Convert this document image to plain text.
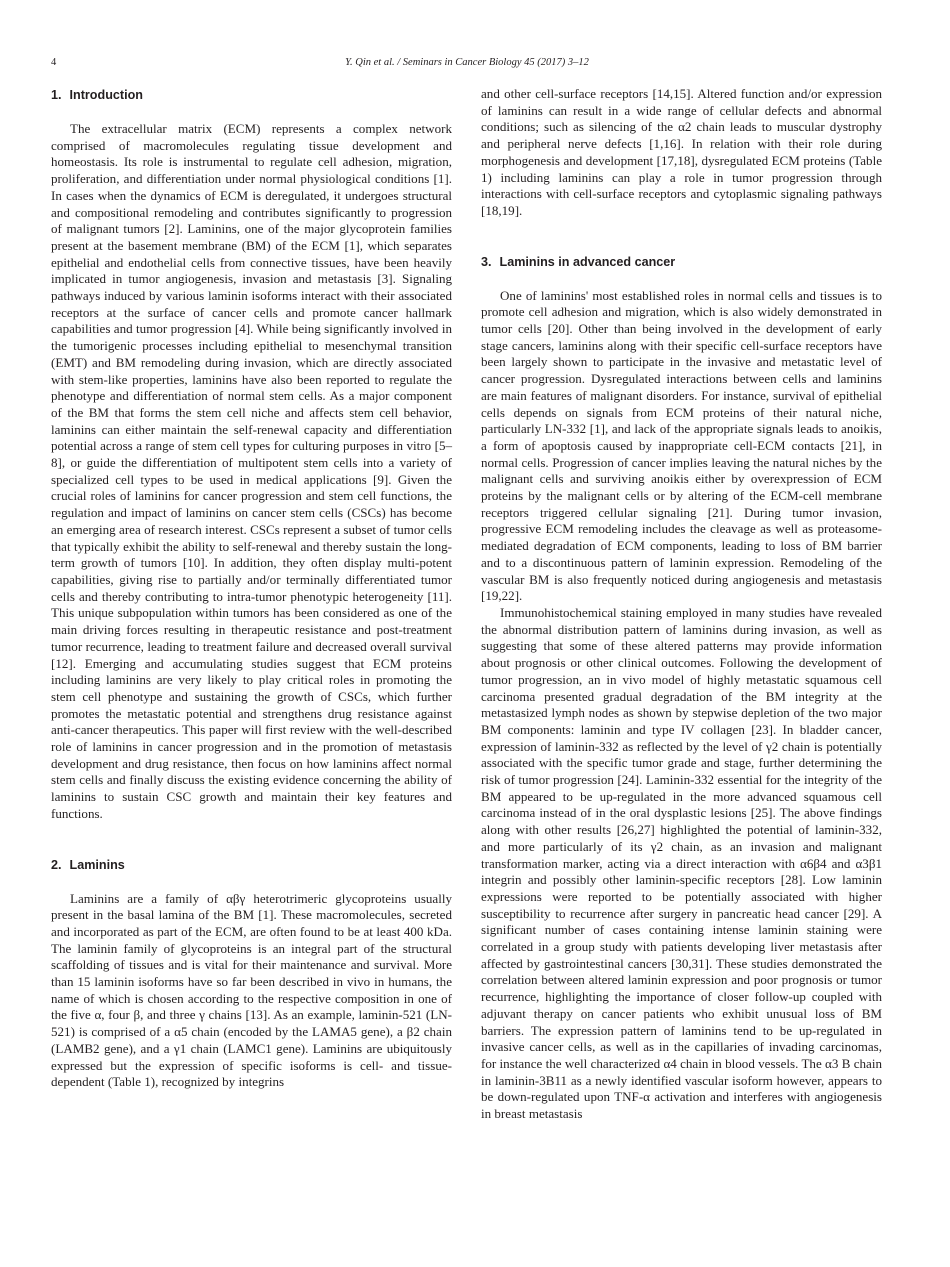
4	Y. Qin et al. / Seminars in Cancer Biology 45 (2017) 3–12
1. Introduction

The extracellular matrix (ECM) represents a complex network comprised of macromolecules regulating tissue development and homeostasis. Its role is instrumental to regulate cell adhesion, migration, proliferation, and differentiation under normal physiological conditions [1]. In cases when the dynamics of ECM is deregulated, it undergoes structural and compositional remodeling and contributes significantly to progression of malignant tumors [2]. Laminins, one of the major glycoprotein families present at the basement membrane (BM) of the ECM [1], which separates epithelial and endothelial cells from connective tissues, have been heavily implicated in tumor angiogenesis, invasion and metastasis [3]. Signaling pathways induced by various laminin isoforms interact with their associated receptors at the surface of cancer cells and promote cancer hallmark capabilities and tumor progression [4]. While being significantly involved in the tumorigenic processes including epithelial to mesenchymal transition (EMT) and BM remodeling during invasion, which are directly associated with stem-like properties, laminins have also been reported to regulate the phenotype and differentiation of normal stem cells. As a major component of the BM that forms the stem cell niche and affects stem cell behavior, laminins can either maintain the self-renewal capacity and differentiation potential across a range of stem cell types for culturing purposes in vitro [5–8], or guide the differentiation of multipotent stem cells into a variety of specialized cell types to be used in medical applications [9]. Given the crucial roles of laminins for cancer progression and stem cell functions, the regulation and impact of laminins on cancer stem cells (CSCs) has become an emerging area of research interest. CSCs represent a subset of tumor cells that typically exhibit the ability to self-renewal and thereby sustain the long-term growth of tumors [10]. In addition, they often display multi-potent capabilities, giving rise to partially and/or terminally differentiated tumor cells and thereby contributing to intra-tumor phenotypic heterogeneity [11]. This unique subpopulation within tumors has been considered as one of the main driving forces resulting in therapeutic resistance and post-treatment tumor recurrence, leading to treatment failure and decreased overall survival [12]. Emerging and accumulating studies suggest that ECM proteins including laminins are very likely to play critical roles in promoting the stem cell phenotype and sustaining the growth of CSCs, which further promotes the metastatic potential and strengthens drug resistance against anti-cancer therapeutics. This paper will first review with the well-described role of laminins in cancer progression and in the promotion of metastasis development and drug resistance, then focus on how laminins affect normal stem cells and finally discuss the existing evidence concerning the ability of laminins to sustain CSC growth and maintain their key features and functions.

2. Laminins

Laminins are a family of αβγ heterotrimeric glycoproteins usually present in the basal lamina of the BM [1]. These macromolecules, secreted and incorporated as part of the ECM, are often found to be at least 400 kDa. The laminin family of glycoproteins is an integral part of the structural scaffolding of tissues and is vital for their maintenance and survival. More than 15 laminin isoforms have so far been described in vivo in humans, the name of which is chosen according to the respective composition in one of the five α, four β, and three γ chains [13]. As an example, laminin-521 (LN-521) is comprised of a α5 chain (encoded by the LAMA5 gene), a β2 chain (LAMB2 gene), and a γ1 chain (LAMC1 gene). Laminins are ubiquitously expressed but the expression of specific isoforms is cell- and tissue-dependent (Table 1), recognized by integrins

and other cell-surface receptors [14,15]. Altered function and/or expression of laminins can result in a wide range of cellular defects and abnormal conditions; such as silencing of the α2 chain leads to muscular dystrophy and peripheral nerve defects [1,16]. In relation with their role during morphogenesis and development [17,18], dysregulated ECM proteins (Table 1) including laminins can play a role in tumor progression through interactions with cell-surface receptors and cytoplasmic signaling pathways [18,19].

3. Laminins in advanced cancer

One of laminins' most established roles in normal cells and tissues is to promote cell adhesion and migration, which is also widely demonstrated in tumor cells [20]. Other than being involved in the development of early stage cancers, laminins along with their specific cell-surface receptors have been largely shown to participate in the invasive and metastatic level of cancer progression. Dysregulated interactions between cells and laminins are main features of malignant disorders. For instance, survival of epithelial cells depends on signals from ECM proteins of their natural niche, particularly LN-332 [1], and lack of the appropriate signals leads to anoikis, a form of apoptosis caused by inappropriate cell-ECM contacts [21], in normal cells. Progression of cancer implies leaving the natural niches by the malignant cells and surviving anoikis either by overexpression of ECM proteins by the malignant cells or by altering of the ECM-cell membrane receptors triggered cellular signaling [21]. During tumor invasion, progressive ECM remodeling includes the cleavage as well as proteasome-mediated degradation of ECM components, leading to loss of BM barrier and to a discontinuous pattern of laminin expression. Remodeling of the vascular BM is also frequently noticed during angiogenesis and metastasis [19,22].

Immunohistochemical staining employed in many studies have revealed the abnormal distribution pattern of laminins during invasion, as well as suggesting that some of these altered patterns may provide information about prognosis or other clinical outcomes. Following the development of tumor progression, an in vivo model of highly metastatic squamous cell carcinoma presented gradual degradation of the BM integrity at the metastasized lymph nodes as shown by stepwise depletion of the two major BM components: laminin and type IV collagen [23]. In bladder cancer, expression of laminin-332 as reflected by the level of γ2 chain is potentially associated with the specific tumor grade and stage, further determining the risk of tumor progression [24]. Laminin-332 essential for the integrity of the BM appeared to be up-regulated in the more advanced squamous cell carcinoma instead of in the oral dysplastic lesions [25]. The above findings along with other results [26,27] highlighted the potential of laminin-332, and more particularly of its γ2 chain, as an invasion and malignant transformation marker, acting via a direct interaction with α6β4 and α3β1 integrin and possibly other laminin-specific receptors [28]. Low laminin expressions were reported to be potentially associated with higher susceptibility to recurrence after surgery in pancreatic head cancer [29]. A significant number of cases containing intense laminin staining were correlated in a group study with patients developing liver metastasis after affected by gastrointestinal cancers [30,31]. These studies demonstrated the correlation between altered laminin expression and poor prognosis or tumor recurrence, highlighting the importance of closer follow-up coupled with adjuvant therapy on cancer patients who exhibit unusual loss of BM barriers. The expression pattern of laminins tend to be up-regulated in invasive cancer cells, as well as in the capillaries of invading carcinomas, for instance the well characterized α4 chain in blood vessels. The α3 B chain in laminin-3B11 as a newly identified vascular isoform however, appears to be down-regulated upon TNF-α activation and interferes with angiogenesis in breast metastasis
